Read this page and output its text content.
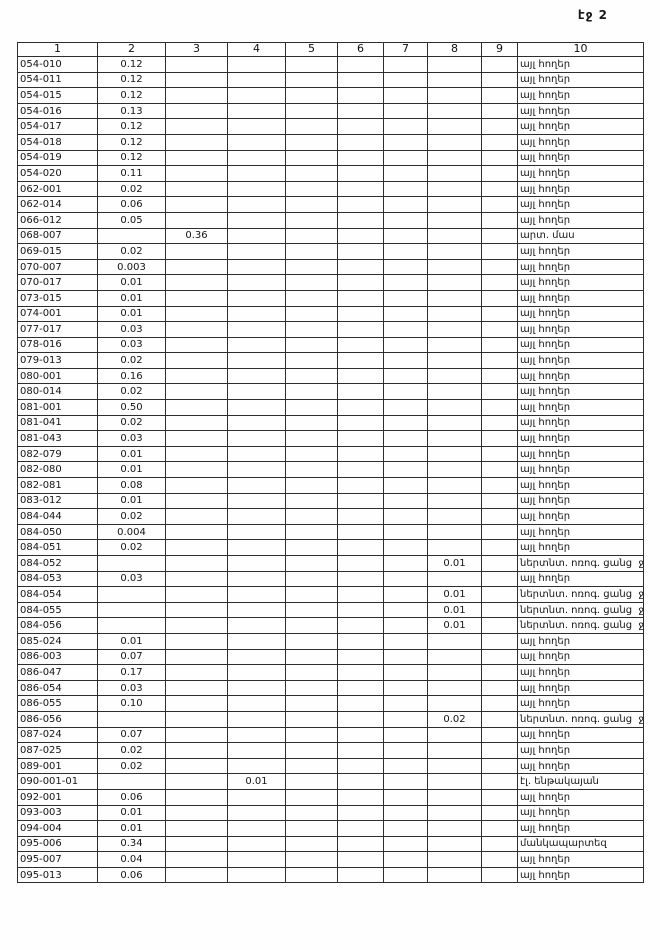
էջ 2
1	2	3	4	5	6	7	8	9	10
054-010	0.12								այլ հողեր
054-011	0.12								այլ հողեր
054-015	0.12								այլ հողեր
054-016	0.13								այլ հողեր
054-017	0.12								այլ հողեր
054-018	0.12								այլ հողեր
054-019	0.12								այլ հողեր
054-020	0.11								այլ հողեր
062-001	0.02								այլ հողեր
062-014	0.06								այլ հողեր
066-012	0.05								այլ հողեր
068-007		0.36							արտ. մաս
069-015	0.02								այլ հողեր
070-007	0.003								այլ հողեր
070-017	0.01								այլ հողեր
073-015	0.01								այլ հողեր
074-001	0.01								այլ հողեր
077-017	0.03								այլ հողեր
078-016	0.03								այլ հողեր
079-013	0.02								այլ հողեր
080-001	0.16								այլ հողեր
080-014	0.02								այլ հողեր
081-001	0.50								այլ հողեր
081-041	0.02								այլ հողեր
081-043	0.03								այլ հողեր
082-079	0.01								այլ հողեր
082-080	0.01								այլ հողեր
082-081	0.08								այլ հողեր
083-012	0.01								այլ հողեր
084-044	0.02								այլ հողեր
084-050	0.004								այլ հողեր
084-051	0.02								այլ հողեր
084-052							0.01		ներտնտ. ոռոգ. ցանց  ջ
084-053	0.03								այլ հողեր
084-054							0.01		ներտնտ. ոռոգ. ցանց  ջ
084-055							0.01		ներտնտ. ոռոգ. ցանց  ջ
084-056							0.01		ներտնտ. ոռոգ. ցանց  ջ
085-024	0.01								այլ հողեր
086-003	0.07								այլ հողեր
086-047	0.17								այլ հողեր
086-054	0.03								այլ հողեր
086-055	0.10								այլ հողեր
086-056							0.02		ներտնտ. ոռոգ. ցանց  ջ
087-024	0.07								այլ հողեր
087-025	0.02								այլ հողեր
089-001	0.02								այլ հողեր
090-001-01			0.01						էլ. ենթակայան
092-001	0.06								այլ հողեր
093-003	0.01								այլ հողեր
094-004	0.01								այլ հողեր
095-006	0.34								մանկապարտեզ
095-007	0.04								այլ հողեր
095-013	0.06								այլ հողեր
